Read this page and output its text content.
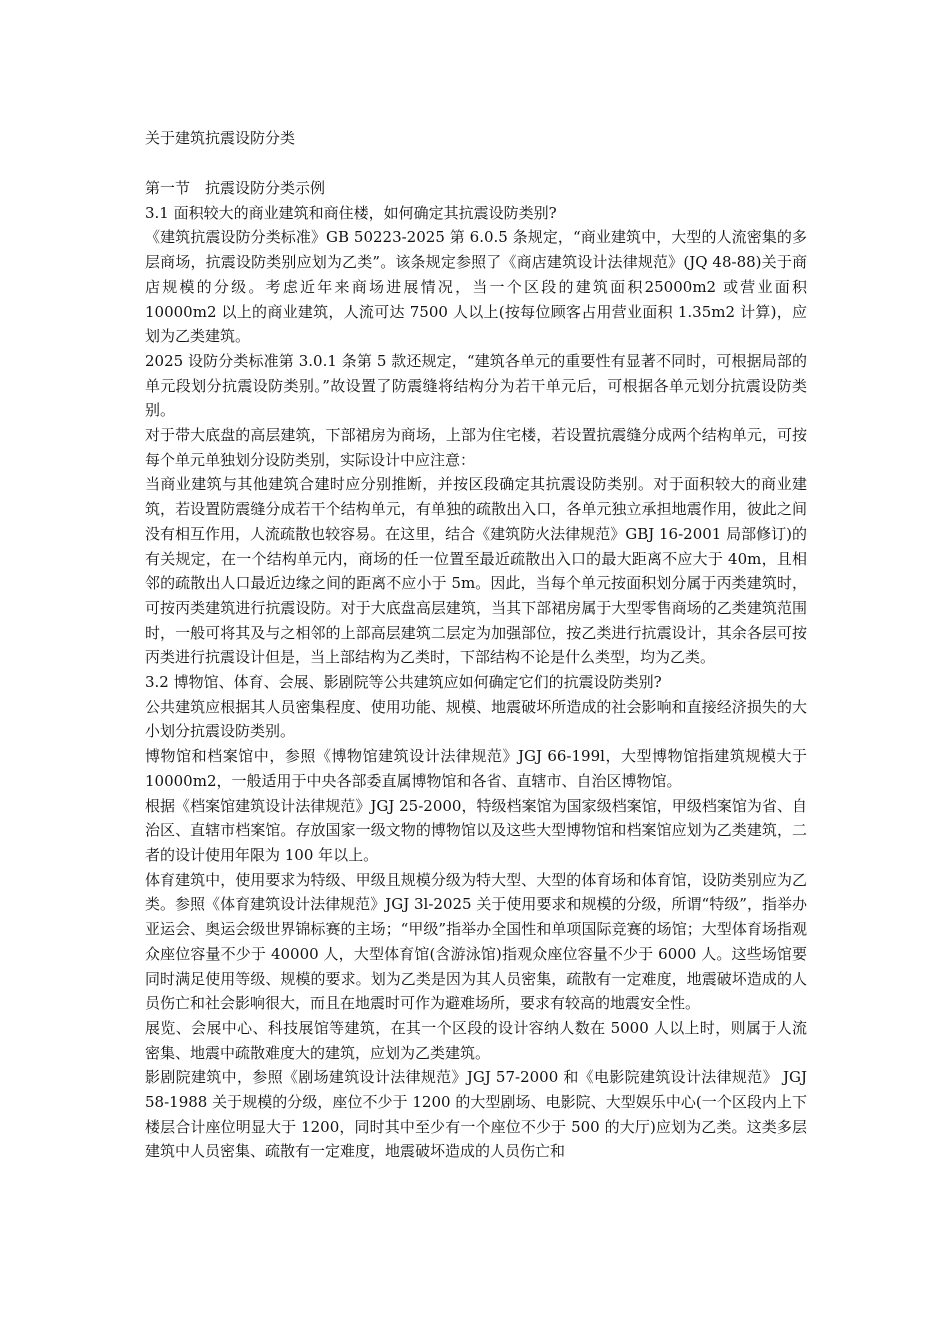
关于建筑抗震设防分类

第一节　抗震设防分类示例

3.1 面积较大的商业建筑和商住楼，如何确定其抗震设防类别?

《建筑抗震设防分类标准》GB 50223-2025 第 6.0.5 条规定，“商业建筑中，大型的人流密集的多层商场，抗震设防类别应划为乙类”。该条规定参照了《商店建筑设计法律规范》(JQ 48-88)关于商店规模的分级。考虑近年来商场进展情况，当一个区段的建筑面积25000m2 或营业面积 10000m2 以上的商业建筑，人流可达 7500 人以上(按每位顾客占用营业面积 1.35m2 计算)，应划为乙类建筑。

2025 设防分类标准第 3.0.1 条第 5 款还规定，“建筑各单元的重要性有显著不同时，可根据局部的单元段划分抗震设防类别。”故设置了防震缝将结构分为若干单元后，可根据各单元划分抗震设防类别。

对于带大底盘的高层建筑，下部裙房为商场，上部为住宅楼，若设置抗震缝分成两个结构单元，可按每个单元单独划分设防类别，实际设计中应注意：

当商业建筑与其他建筑合建时应分别推断，并按区段确定其抗震设防类别。对于面积较大的商业建筑，若设置防震缝分成若干个结构单元，有单独的疏散出入口，各单元独立承担地震作用，彼此之间没有相互作用，人流疏散也较容易。在这里，结合《建筑防火法律规范》GBJ 16-2001 局部修订)的有关规定，在一个结构单元内，商场的任一位置至最近疏散出入口的最大距离不应大于 40m，且相邻的疏散出人口最近边缘之间的距离不应小于 5m。因此，当每个单元按面积划分属于丙类建筑时，可按丙类建筑进行抗震设防。对于大底盘高层建筑，当其下部裙房属于大型零售商场的乙类建筑范围时，一般可将其及与之相邻的上部高层建筑二层定为加强部位，按乙类进行抗震设计，其余各层可按丙类进行抗震设计但是，当上部结构为乙类时，下部结构不论是什么类型，均为乙类。

3.2 博物馆、体育、会展、影剧院等公共建筑应如何确定它们的抗震设防类别?

公共建筑应根据其人员密集程度、使用功能、规模、地震破坏所造成的社会影响和直接经济损失的大小划分抗震设防类别。

博物馆和档案馆中，参照《博物馆建筑设计法律规范》JGJ 66-199l，大型博物馆指建筑规模大于 10000m2，一般适用于中央各部委直属博物馆和各省、直辖市、自治区博物馆。

根据《档案馆建筑设计法律规范》JGJ 25-2000，特级档案馆为国家级档案馆，甲级档案馆为省、自治区、直辖市档案馆。存放国家一级文物的博物馆以及这些大型博物馆和档案馆应划为乙类建筑，二者的设计使用年限为 100 年以上。

体育建筑中，使用要求为特级、甲级且规模分级为特大型、大型的体育场和体育馆，设防类别应为乙类。参照《体育建筑设计法律规范》JGJ 3l-2025 关于使用要求和规模的分级，所谓“特级”，指举办亚运会、奥运会级世界锦标赛的主场；“甲级”指举办全国性和单项国际竞赛的场馆；大型体育场指观众座位容量不少于 40000 人，大型体育馆(含游泳馆)指观众座位容量不少于 6000 人。这些场馆要同时满足使用等级、规模的要求。划为乙类是因为其人员密集，疏散有一定难度，地震破坏造成的人员伤亡和社会影响很大，而且在地震时可作为避难场所，要求有较高的地震安全性。

展览、会展中心、科技展馆等建筑，在其一个区段的设计容纳人数在 5000 人以上时，则属于人流密集、地震中疏散难度大的建筑，应划为乙类建筑。

影剧院建筑中，参照《剧场建筑设计法律规范》JGJ 57-2000 和《电影院建筑设计法律规范》 JGJ 58-1988 关于规模的分级，座位不少于 1200 的大型剧场、电影院、大型娱乐中心(一个区段内上下楼层合计座位明显大于 1200，同时其中至少有一个座位不少于 500 的大厅)应划为乙类。这类多层建筑中人员密集、疏散有一定难度，地震破坏造成的人员伤亡和
